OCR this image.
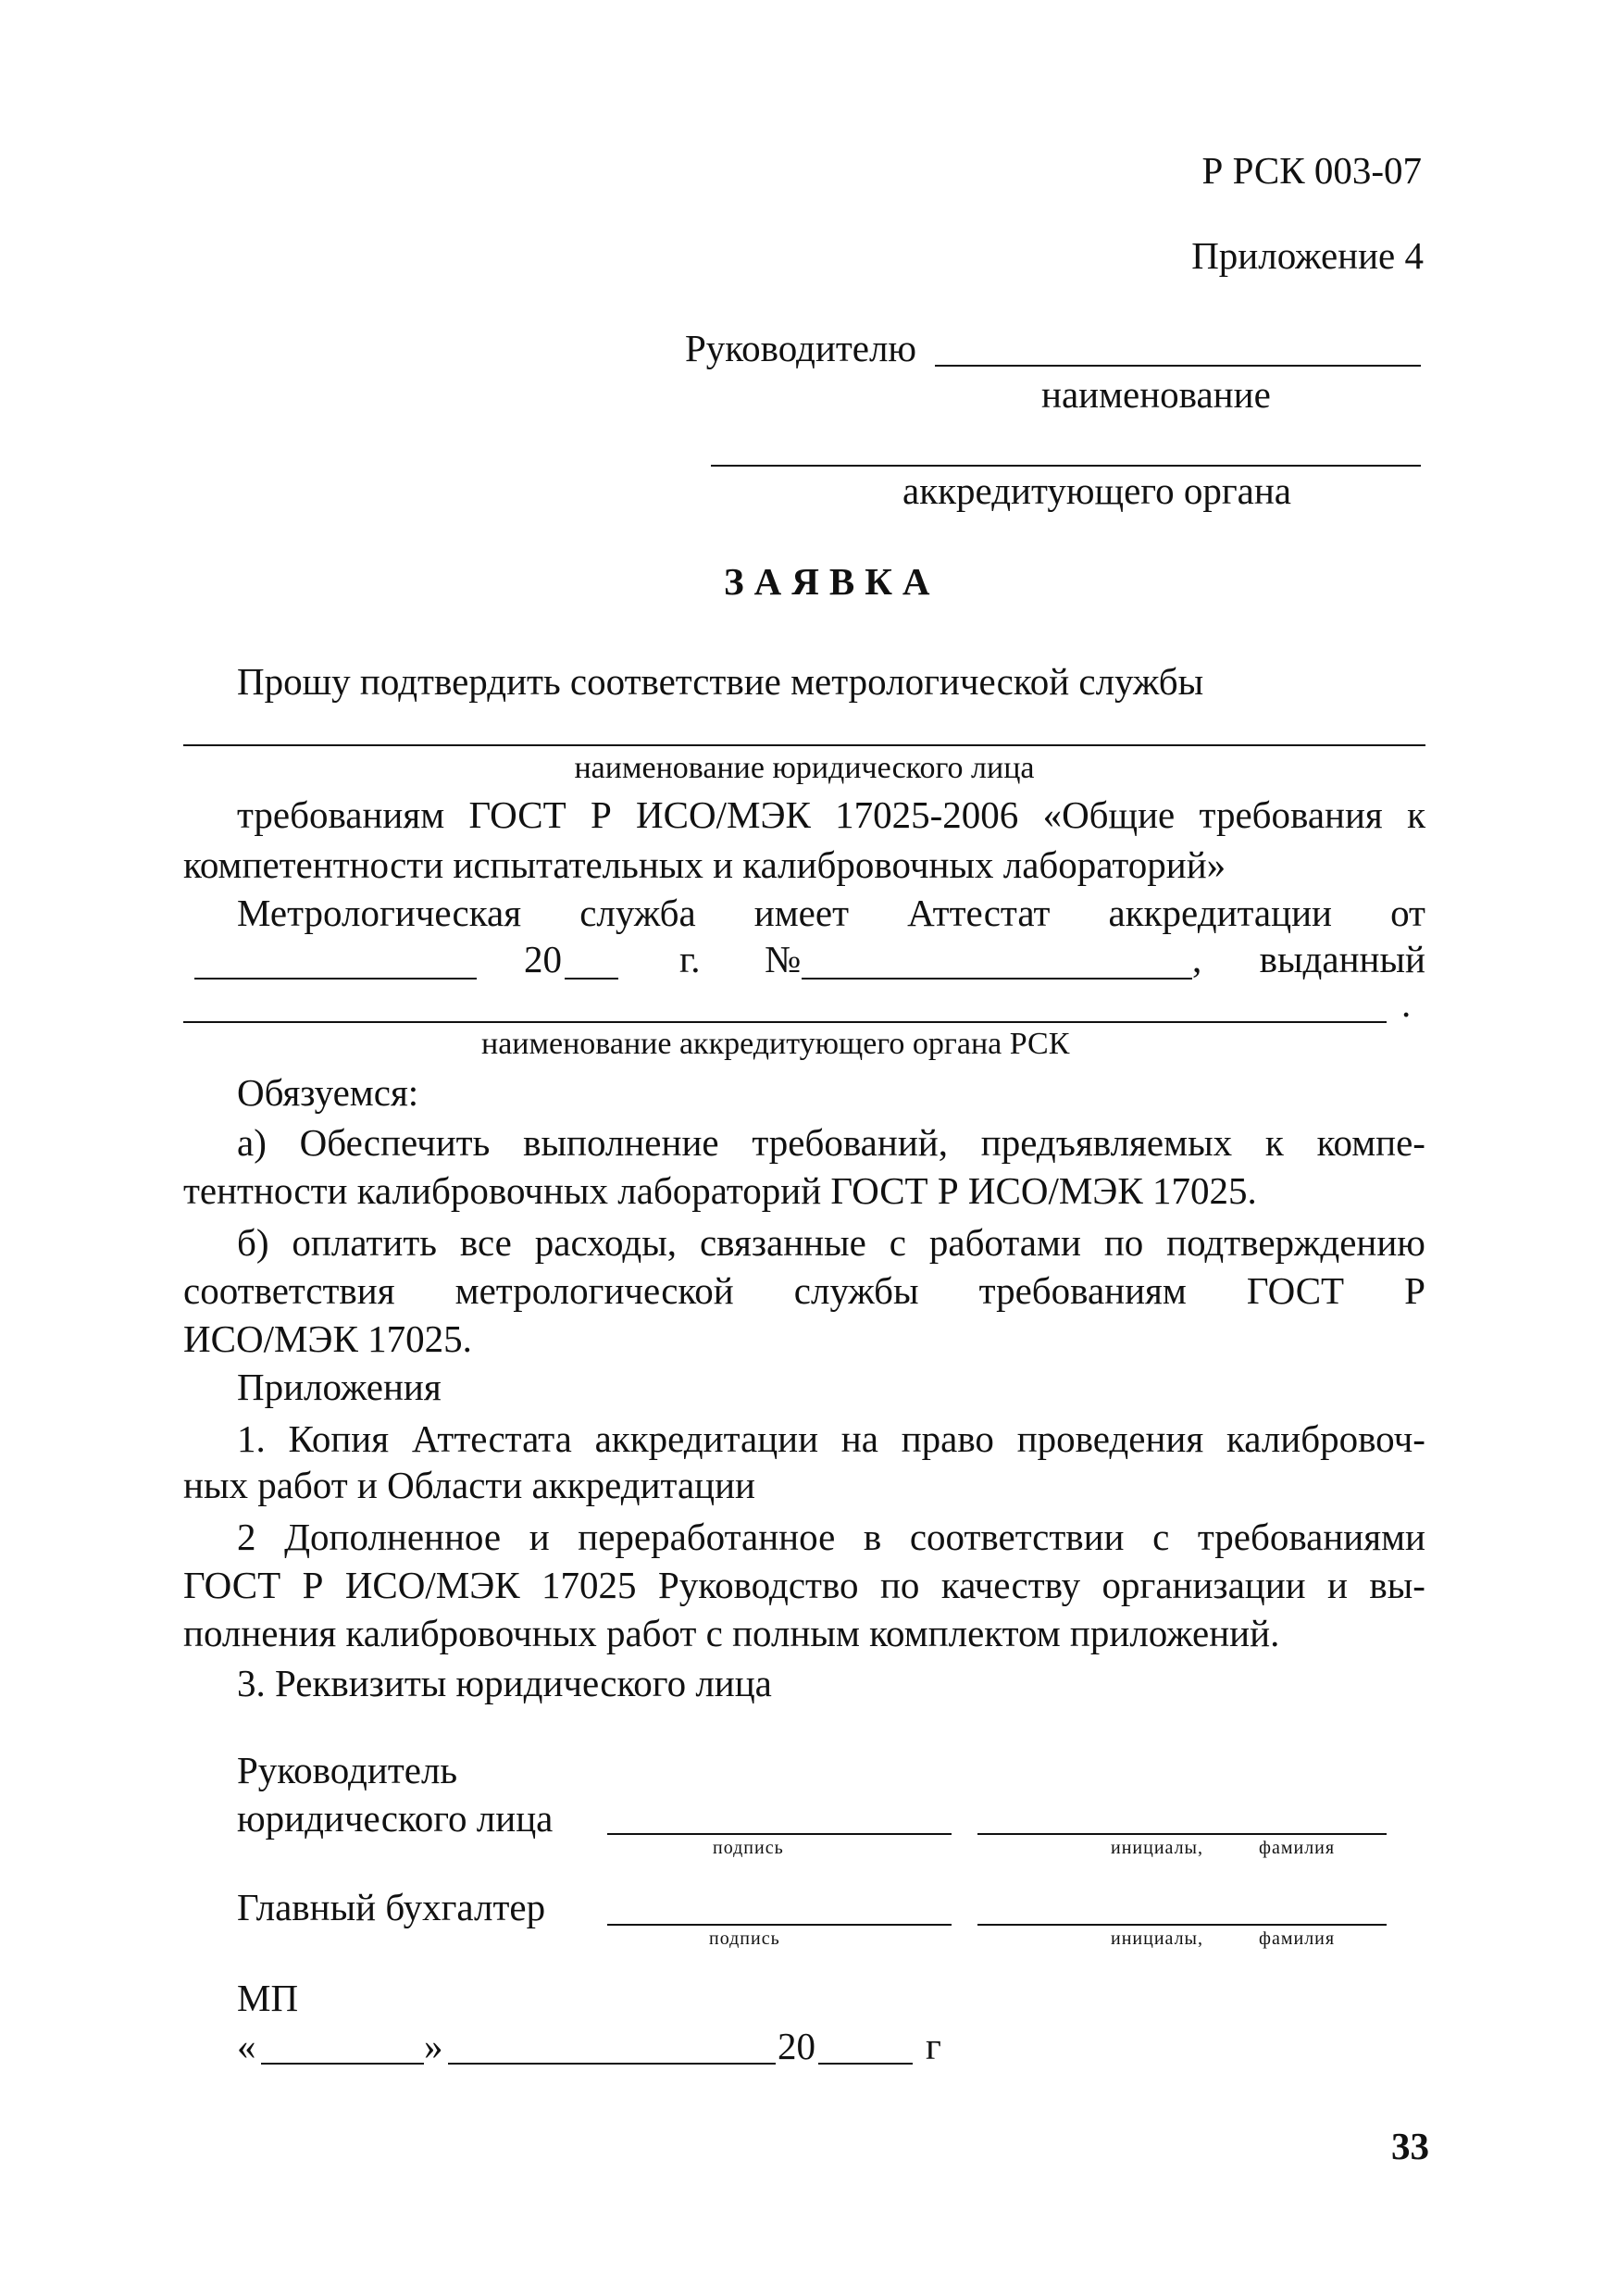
Р РСК 003-07
Приложение 4
Руководителю
наименование
аккредитующего органа
ЗАЯВКА
Прошу подтвердить соответствие метрологической службы
наименование юридического лица
требованиям ГОСТ Р ИСО/МЭК 17025-2006 «Общие требования к
компетентности испытательных и калибровочных лабораторий»
Метрологическая служба имеет Аттестат аккредитации от
20	г. №	, выданный
.
наименование аккредитующего органа РСК
Обязуемся:
а) Обеспечить выполнение требований, предъявляемых к компе-
тентности калибровочных лабораторий ГОСТ Р ИСО/МЭК 17025.
б) оплатить все расходы, связанные с работами по подтверждению
соответствия метрологической службы требованиям ГОСТ Р
ИСО/МЭК 17025.
Приложения
1. Копия Аттестата аккредитации на право проведения калибровоч-
ных работ и Области аккредитации
2 Дополненное и переработанное в соответствии с требованиями
ГОСТ Р ИСО/МЭК 17025 Руководство по качеству организации и вы-
полнения калибровочных работ с полным комплектом приложений.
3. Реквизиты юридического лица
Руководитель
юридического лица
подпись	инициалы,	фамилия
Главный бухгалтер
подпись	инициалы,	фамилия
МП
«	»	20	г
33
